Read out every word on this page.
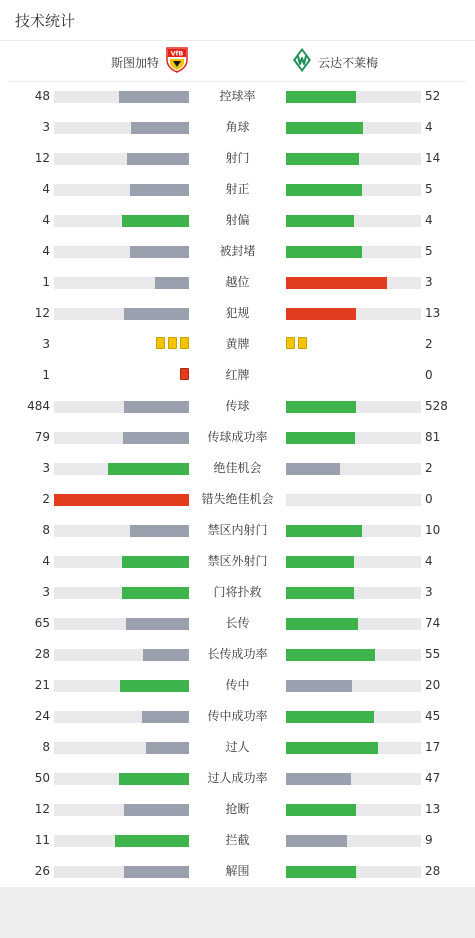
技术统计
斯图加特
VfB
云达不莱梅
48	控球率	52
3	角球	4
12	射门	14
4	射正	5
4	射偏	4
4	被封堵	5
1	越位	3
12	犯规	13
3	黄牌	2
1	红牌	0
484	传球	528
79	传球成功率	81
3	绝佳机会	2
2	错失绝佳机会	0
8	禁区内射门	10
4	禁区外射门	4
3	门将扑救	3
65	长传	74
28	长传成功率	55
21	传中	20
24	传中成功率	45
8	过人	17
50	过人成功率	47
12	抢断	13
11	拦截	9
26	解围	28
